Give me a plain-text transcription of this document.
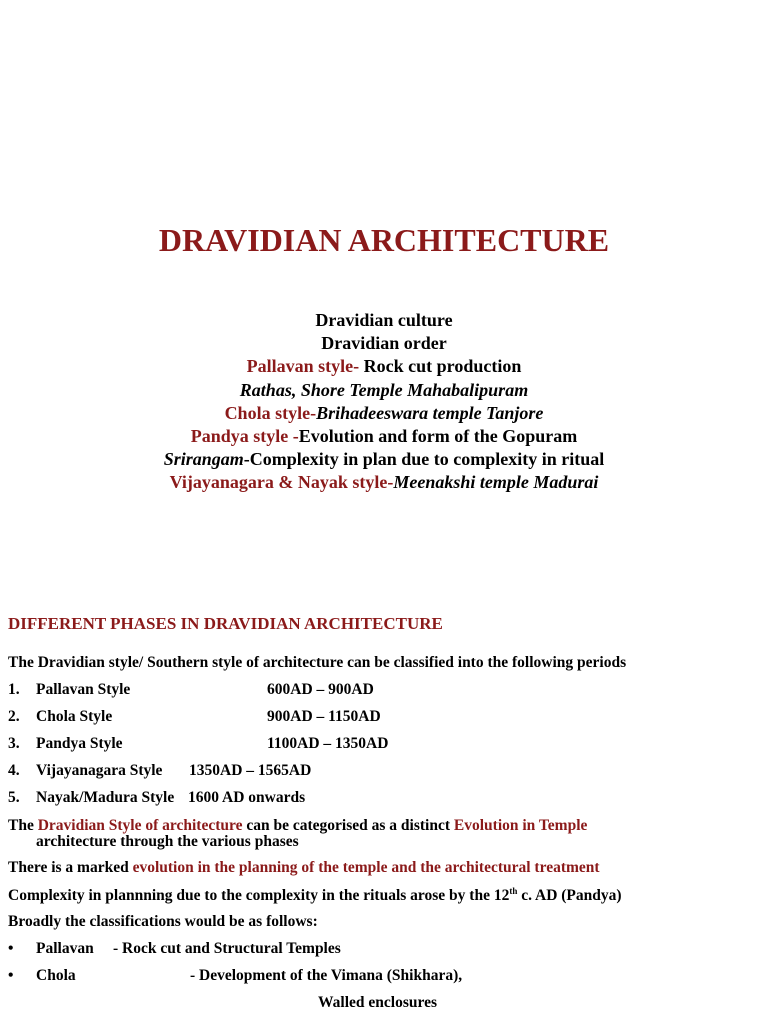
DRAVIDIAN ARCHITECTURE
Dravidian culture
Dravidian order
Pallavan style- Rock cut production
Rathas, Shore Temple Mahabalipuram
Chola style-Brihadeeswara temple Tanjore
Pandya style -Evolution and form of the Gopuram
Srirangam-Complexity in plan due to complexity in ritual
Vijayanagara & Nayak style-Meenakshi temple Madurai
DIFFERENT PHASES IN DRAVIDIAN ARCHITECTURE
The Dravidian style/ Southern style of architecture can be classified into the following periods
1. Pallavan Style	600AD – 900AD
2. Chola Style	900AD – 1150AD
3. Pandya Style	1100AD – 1350AD
4. Vijayanagara Style 1350AD – 1565AD
5. Nayak/Madura Style 1600 AD onwards
The Dravidian Style of architecture can be categorised as a distinct Evolution in Temple
architecture through the various phases
There is a marked evolution in the planning of the temple and the architectural treatment
Complexity in plannning due to the complexity in the rituals arose by the 12th c. AD (Pandya)
Broadly the classifications would be as follows:
• Pallavan - Rock cut and Structural Temples
• Chola	- Development of the Vimana (Shikhara),
Walled enclosures
